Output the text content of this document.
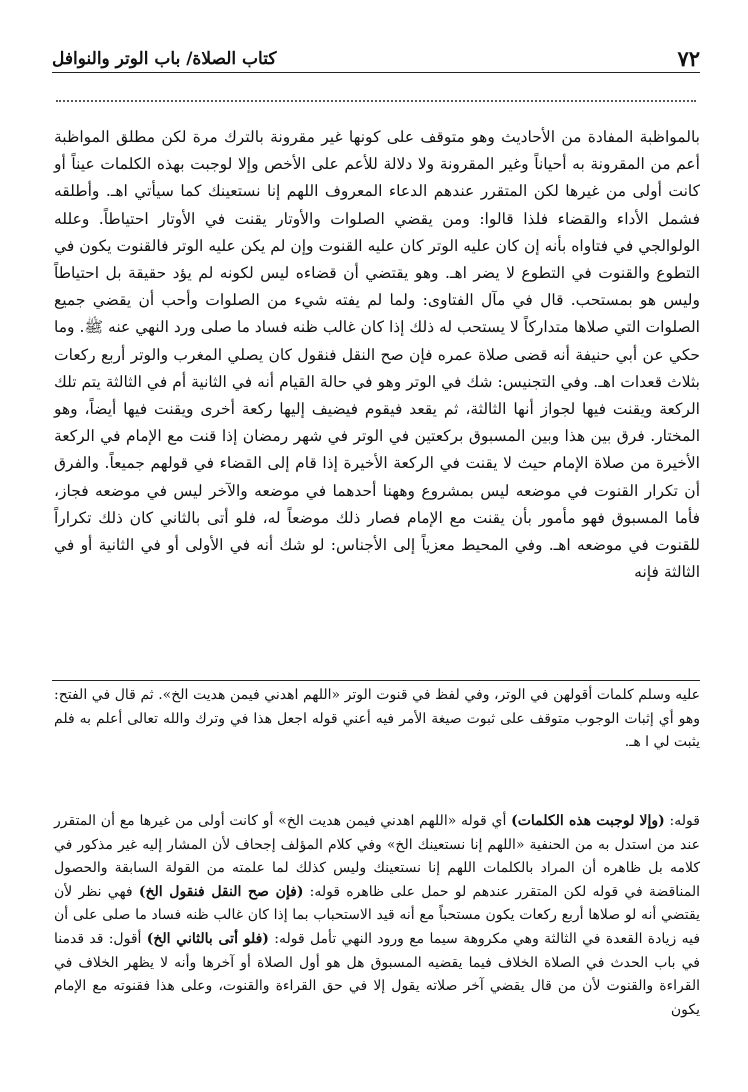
٧٢
كتاب الصلاة/ باب الوتر والنوافل

بالمواظبة المفادة من الأحاديث وهو متوقف على كونها غير مقرونة بالترك مرة لكن مطلق المواظبة أعم من المقرونة به أحياناً وغير المقرونة ولا دلالة للأعم على الأخص وإلا لوجبت بهذه الكلمات عيناً أو كانت أولى من غيرها لكن المتقرر عندهم الدعاء المعروف اللهم إنا نستعينك كما سيأتي اهـ. وأطلقه فشمل الأداء والقضاء فلذا قالوا: ومن يقضي الصلوات والأوتار يقنت في الأوتار احتياطاً. وعلله الولوالجي في فتاواه بأنه إن كان عليه الوتر كان عليه القنوت وإن لم يكن عليه الوتر فالقنوت يكون في التطوع والقنوت في التطوع لا يضر اهـ. وهو يقتضي أن قضاءه ليس لكونه لم يؤد حقيقة بل احتياطاً وليس هو بمستحب. قال في مآل الفتاوى: ولما لم يفته شيء من الصلوات وأحب أن يقضي جميع الصلوات التي صلاها متداركاً لا يستحب له ذلك إذا كان غالب ظنه فساد ما صلى ورد النهي عنه ﷺ. وما حكي عن أبي حنيفة أنه قضى صلاة عمره فإن صح النقل فنقول كان يصلي المغرب والوتر أربع ركعات بثلاث قعدات اهـ. وفي التجنيس: شك في الوتر وهو في حالة القيام أنه في الثانية أم في الثالثة يتم تلك الركعة ويقنت فيها لجواز أنها الثالثة، ثم يقعد فيقوم فيضيف إليها ركعة أخرى ويقنت فيها أيضاً، وهو المختار. فرق بين هذا وبين المسبوق بركعتين في الوتر في شهر رمضان إذا قنت مع الإمام في الركعة الأخيرة من صلاة الإمام حيث لا يقنت في الركعة الأخيرة إذا قام إلى القضاء في قولهم جميعاً. والفرق أن تكرار القنوت في موضعه ليس بمشروع وههنا أحدهما في موضعه والآخر ليس في موضعه فجاز، فأما المسبوق فهو مأمور بأن يقنت مع الإمام فصار ذلك موضعاً له، فلو أتى بالثاني كان ذلك تكراراً للقنوت في موضعه اهـ. وفي المحيط معزياً إلى الأجناس: لو شك أنه في الأولى أو في الثانية أو في الثالثة فإنه

عليه وسلم كلمات أقولهن في الوتر، وفي لفظ في قنوت الوتر «اللهم اهدني فيمن هديت الخ». ثم قال في الفتح: وهو أي إثبات الوجوب متوقف على ثبوت صيغة الأمر فيه أعني قوله اجعل هذا في وترك والله تعالى أعلم به فلم يثبت لي ا هـ.

قوله: (وإلا لوجبت هذه الكلمات) أي قوله «اللهم اهدني فيمن هديت الخ» أو كانت أولى من غيرها مع أن المتقرر عند من استدل به من الحنفية «اللهم إنا نستعينك الخ» وفي كلام المؤلف إجحاف لأن المشار إليه غير مذكور في كلامه بل ظاهره أن المراد بالكلمات اللهم إنا نستعينك وليس كذلك لما علمته من القولة السابقة والحصول المناقضة في قوله لكن المتقرر عندهم لو حمل على ظاهره قوله: (فإن صح النقل فنقول الخ) فهي نظر لأن يقتضي أنه لو صلاها أربع ركعات يكون مستحباً مع أنه قيد الاستحباب بما إذا كان غالب ظنه فساد ما صلى على أن فيه زيادة القعدة في الثالثة وهي مكروهة سيما مع ورود النهي تأمل قوله: (فلو أتى بالثاني الخ) أقول: قد قدمنا في باب الحدث في الصلاة الخلاف فيما يقضيه المسبوق هل هو أول الصلاة أو آخرها وأنه لا يظهر الخلاف في القراءة والقنوت لأن من قال يقضي آخر صلاته يقول إلا في حق القراءة والقنوت، وعلى هذا فقنوته مع الإمام يكون
